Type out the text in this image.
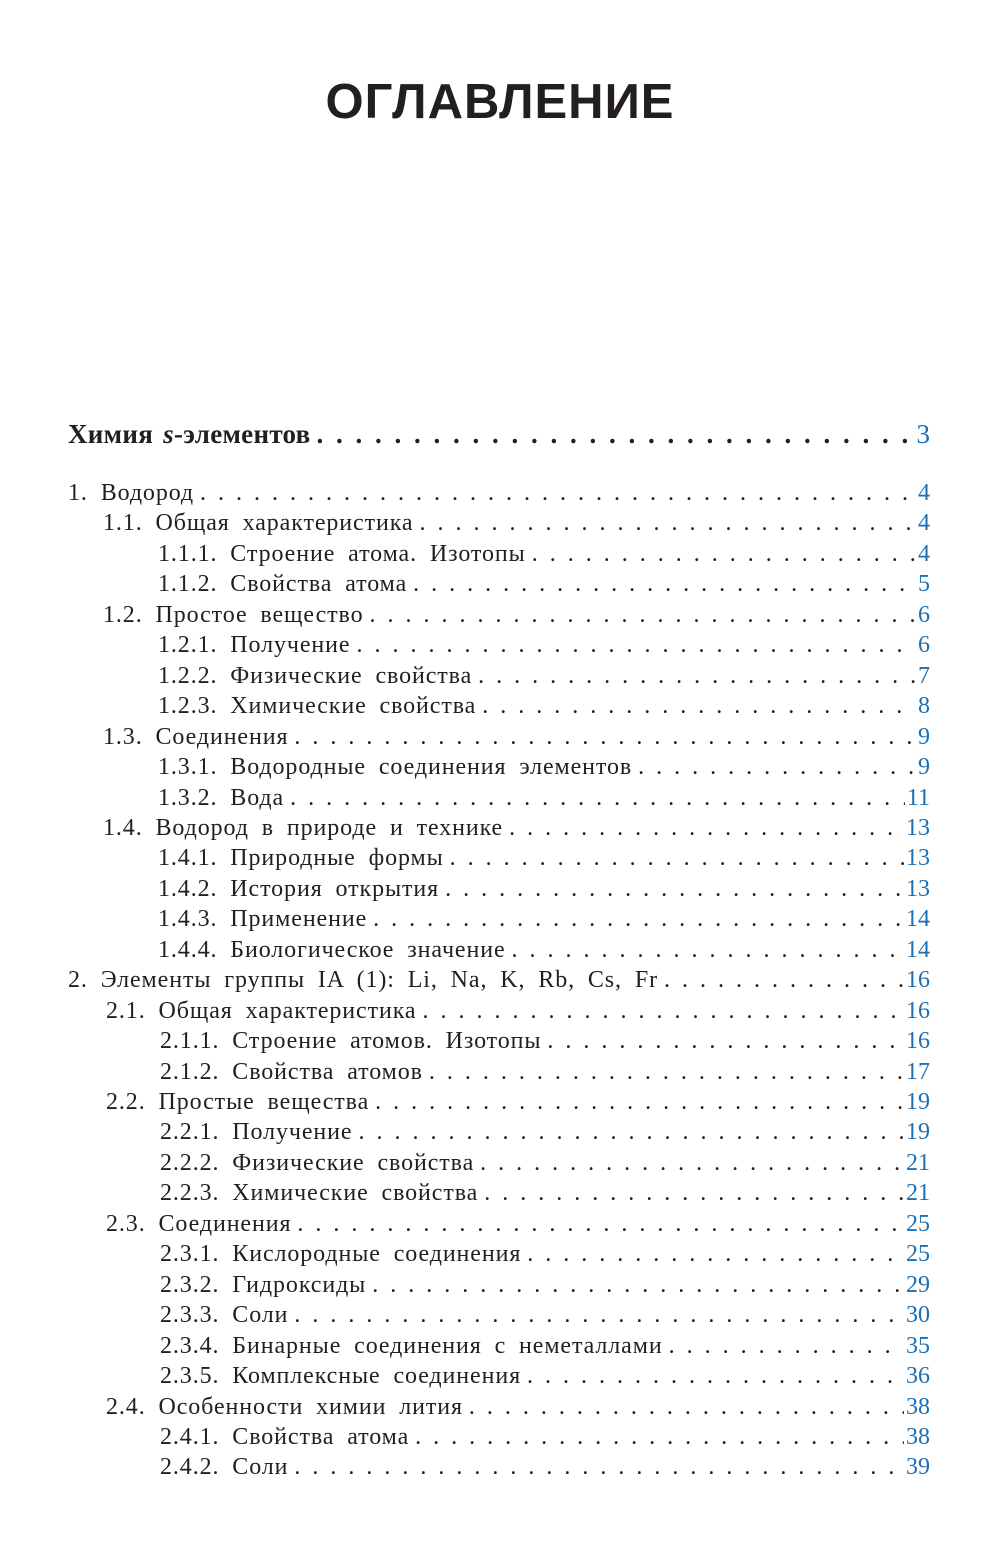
ОГЛАВЛЕНИЕ
Химия s-элементов . . .	3
1. Водород . . .	4
1.1. Общая характеристика . . .	4
1.1.1. Строение атома. Изотопы . . .	4
1.1.2. Свойства атома . . .	5
1.2. Простое вещество . . .	6
1.2.1. Получение . . .	6
1.2.2. Физические свойства . . .	7
1.2.3. Химические свойства . . .	8
1.3. Соединения . . .	9
1.3.1. Водородные соединения элементов . . .	9
1.3.2. Вода . . .	11
1.4. Водород в природе и технике . . .	13
1.4.1. Природные формы . . .	13
1.4.2. История открытия . . .	13
1.4.3. Применение . . .	14
1.4.4. Биологическое значение . . .	14
2. Элементы группы IA (1): Li, Na, K, Rb, Cs, Fr . . .	16
2.1. Общая характеристика . . .	16
2.1.1. Строение атомов. Изотопы . . .	16
2.1.2. Свойства атомов . . .	17
2.2. Простые вещества . . .	19
2.2.1. Получение . . .	19
2.2.2. Физические свойства . . .	21
2.2.3. Химические свойства . . .	21
2.3. Соединения . . .	25
2.3.1. Кислородные соединения . . .	25
2.3.2. Гидроксиды . . .	29
2.3.3. Соли . . .	30
2.3.4. Бинарные соединения с неметаллами . . .	35
2.3.5. Комплексные соединения . . .	36
2.4. Особенности химии лития . . .	38
2.4.1. Свойства атома . . .	38
2.4.2. Соли . . .	39
